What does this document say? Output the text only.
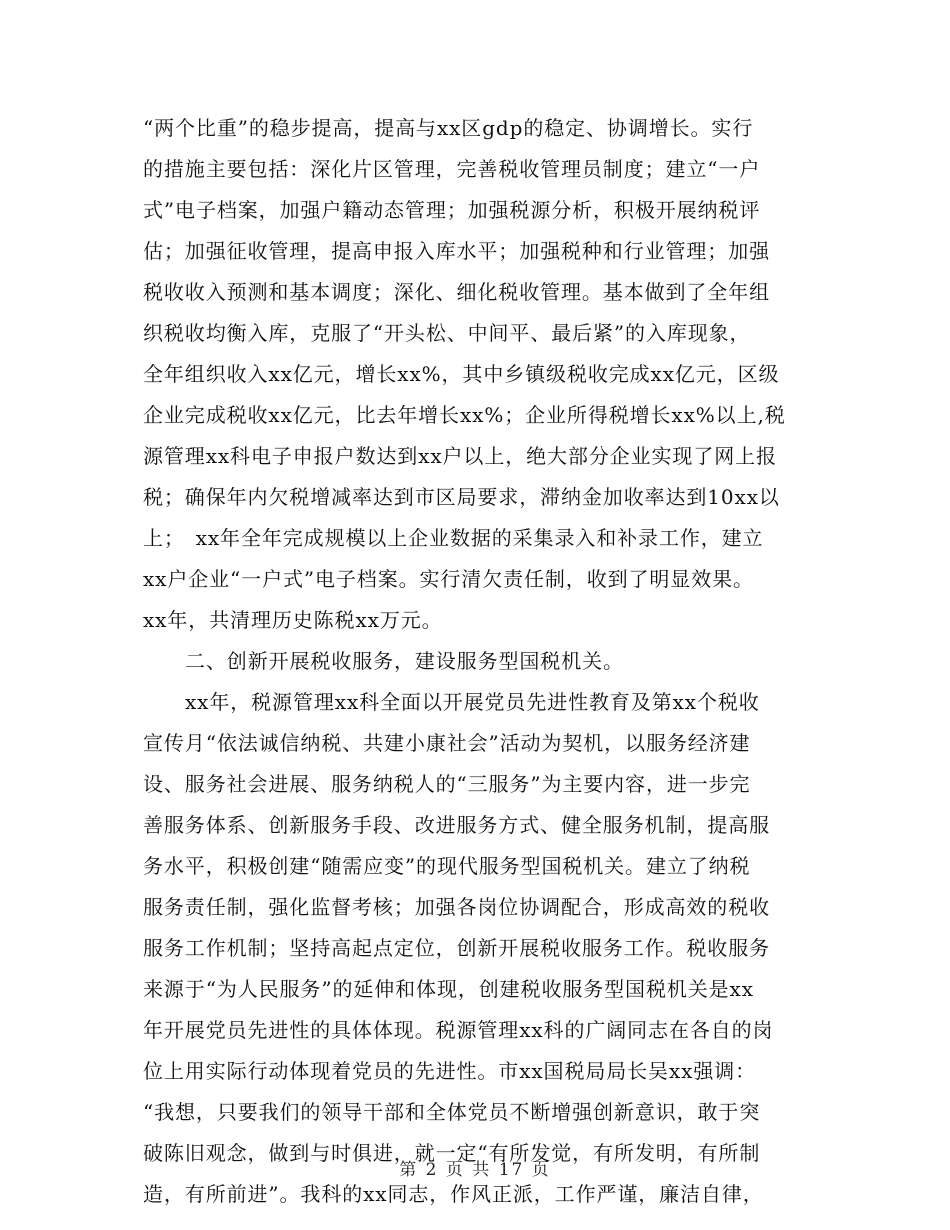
“两个比重”的稳步提高，提高与xx区gdp的稳定、协调增长。实行
的措施主要包括：深化片区管理，完善税收管理员制度；建立“一户
式”电子档案，加强户籍动态管理；加强税源分析，积极开展纳税评
估；加强征收管理，提高申报入库水平；加强税种和行业管理；加强
税收收入预测和基本调度；深化、细化税收管理。基本做到了全年组
织税收均衡入库，克服了“开头松、中间平、最后紧”的入库现象，
全年组织收入xx亿元，增长xx%，其中乡镇级税收完成xx亿元，区级
企业完成税收xx亿元，比去年增长xx%；企业所得税增长xx%以上,税
源管理xx科电子申报户数达到xx户以上，绝大部分企业实现了网上报
税；确保年内欠税增减率达到市区局要求，滞纳金加收率达到10xx以
上；　xx年全年完成规模以上企业数据的采集录入和补录工作，建立
xx户企业“一户式”电子档案。实行清欠责任制，收到了明显效果。
xx年，共清理历史陈税xx万元。
二、创新开展税收服务，建设服务型国税机关。
xx年，税源管理xx科全面以开展党员先进性教育及第xx个税收
宣传月“依法诚信纳税、共建小康社会”活动为契机，以服务经济建
设、服务社会进展、服务纳税人的“三服务”为主要内容，进一步完
善服务体系、创新服务手段、改进服务方式、健全服务机制，提高服
务水平，积极创建“随需应变”的现代服务型国税机关。建立了纳税
服务责任制，强化监督考核；加强各岗位协调配合，形成高效的税收
服务工作机制；坚持高起点定位，创新开展税收服务工作。税收服务
来源于“为人民服务”的延伸和体现，创建税收服务型国税机关是xx
年开展党员先进性的具体体现。税源管理xx科的广阔同志在各自的岗
位上用实际行动体现着党员的先进性。市xx国税局局长吴xx强调：
“我想，只要我们的领导干部和全体党员不断增强创新意识，敢于突
破陈旧观念，做到与时俱进，就一定“有所发觉，有所发明，有所制
造，有所前进”。我科的xx同志，作风正派，工作严谨，廉洁自律，
第 2 页 共 17 页
